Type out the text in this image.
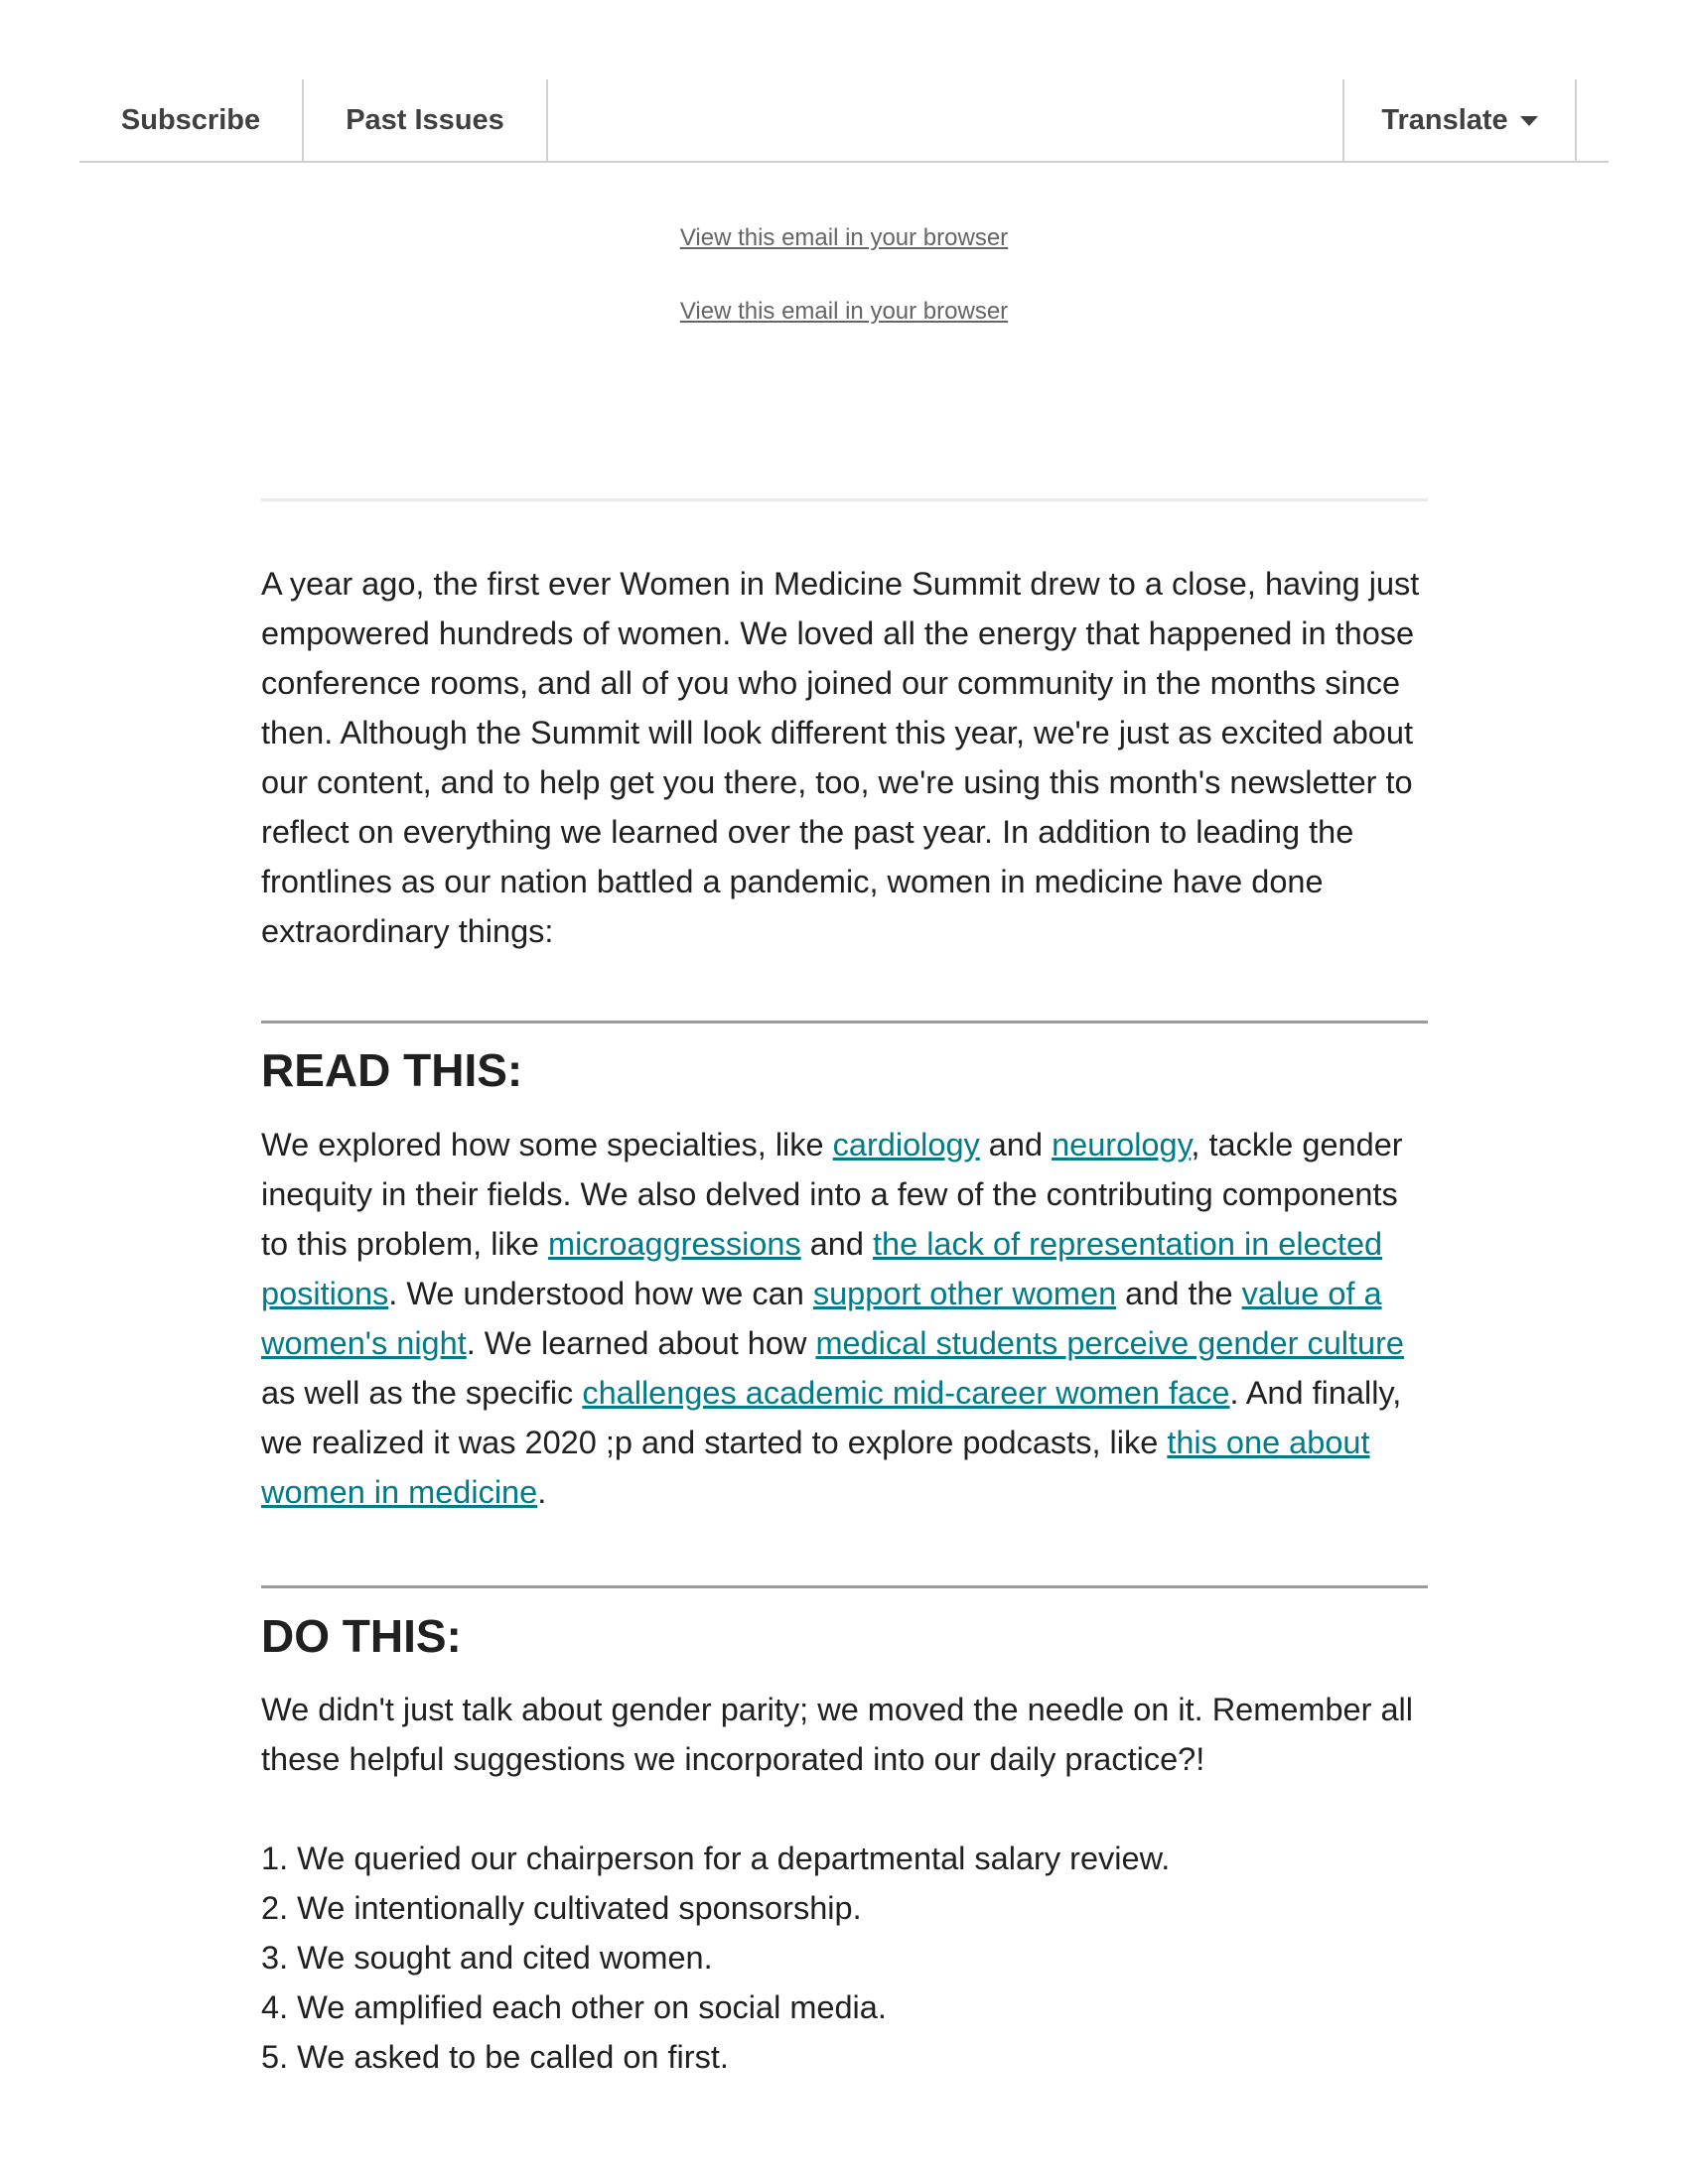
Subscribe	Past Issues	Translate
View this email in your browser
View this email in your browser

A year ago, the first ever Women in Medicine Summit drew to a close, having just empowered hundreds of women. We loved all the energy that happened in those conference rooms, and all of you who joined our community in the months since then. Although the Summit will look different this year, we're just as excited about our content, and to help get you there, too, we're using this month's newsletter to reflect on everything we learned over the past year. In addition to leading the frontlines as our nation battled a pandemic, women in medicine have done extraordinary things:

READ THIS:

We explored how some specialties, like cardiology and neurology, tackle gender inequity in their fields. We also delved into a few of the contributing components to this problem, like microaggressions and the lack of representation in elected positions. We understood how we can support other women and the value of a women's night. We learned about how medical students perceive gender culture as well as the specific challenges academic mid-career women face. And finally, we realized it was 2020 ;p and started to explore podcasts, like this one about women in medicine.

DO THIS:

We didn't just talk about gender parity; we moved the needle on it. Remember all these helpful suggestions we incorporated into our daily practice?!

1. We queried our chairperson for a departmental salary review.
2. We intentionally cultivated sponsorship.
3. We sought and cited women.
4. We amplified each other on social media.
5. We asked to be called on first.
